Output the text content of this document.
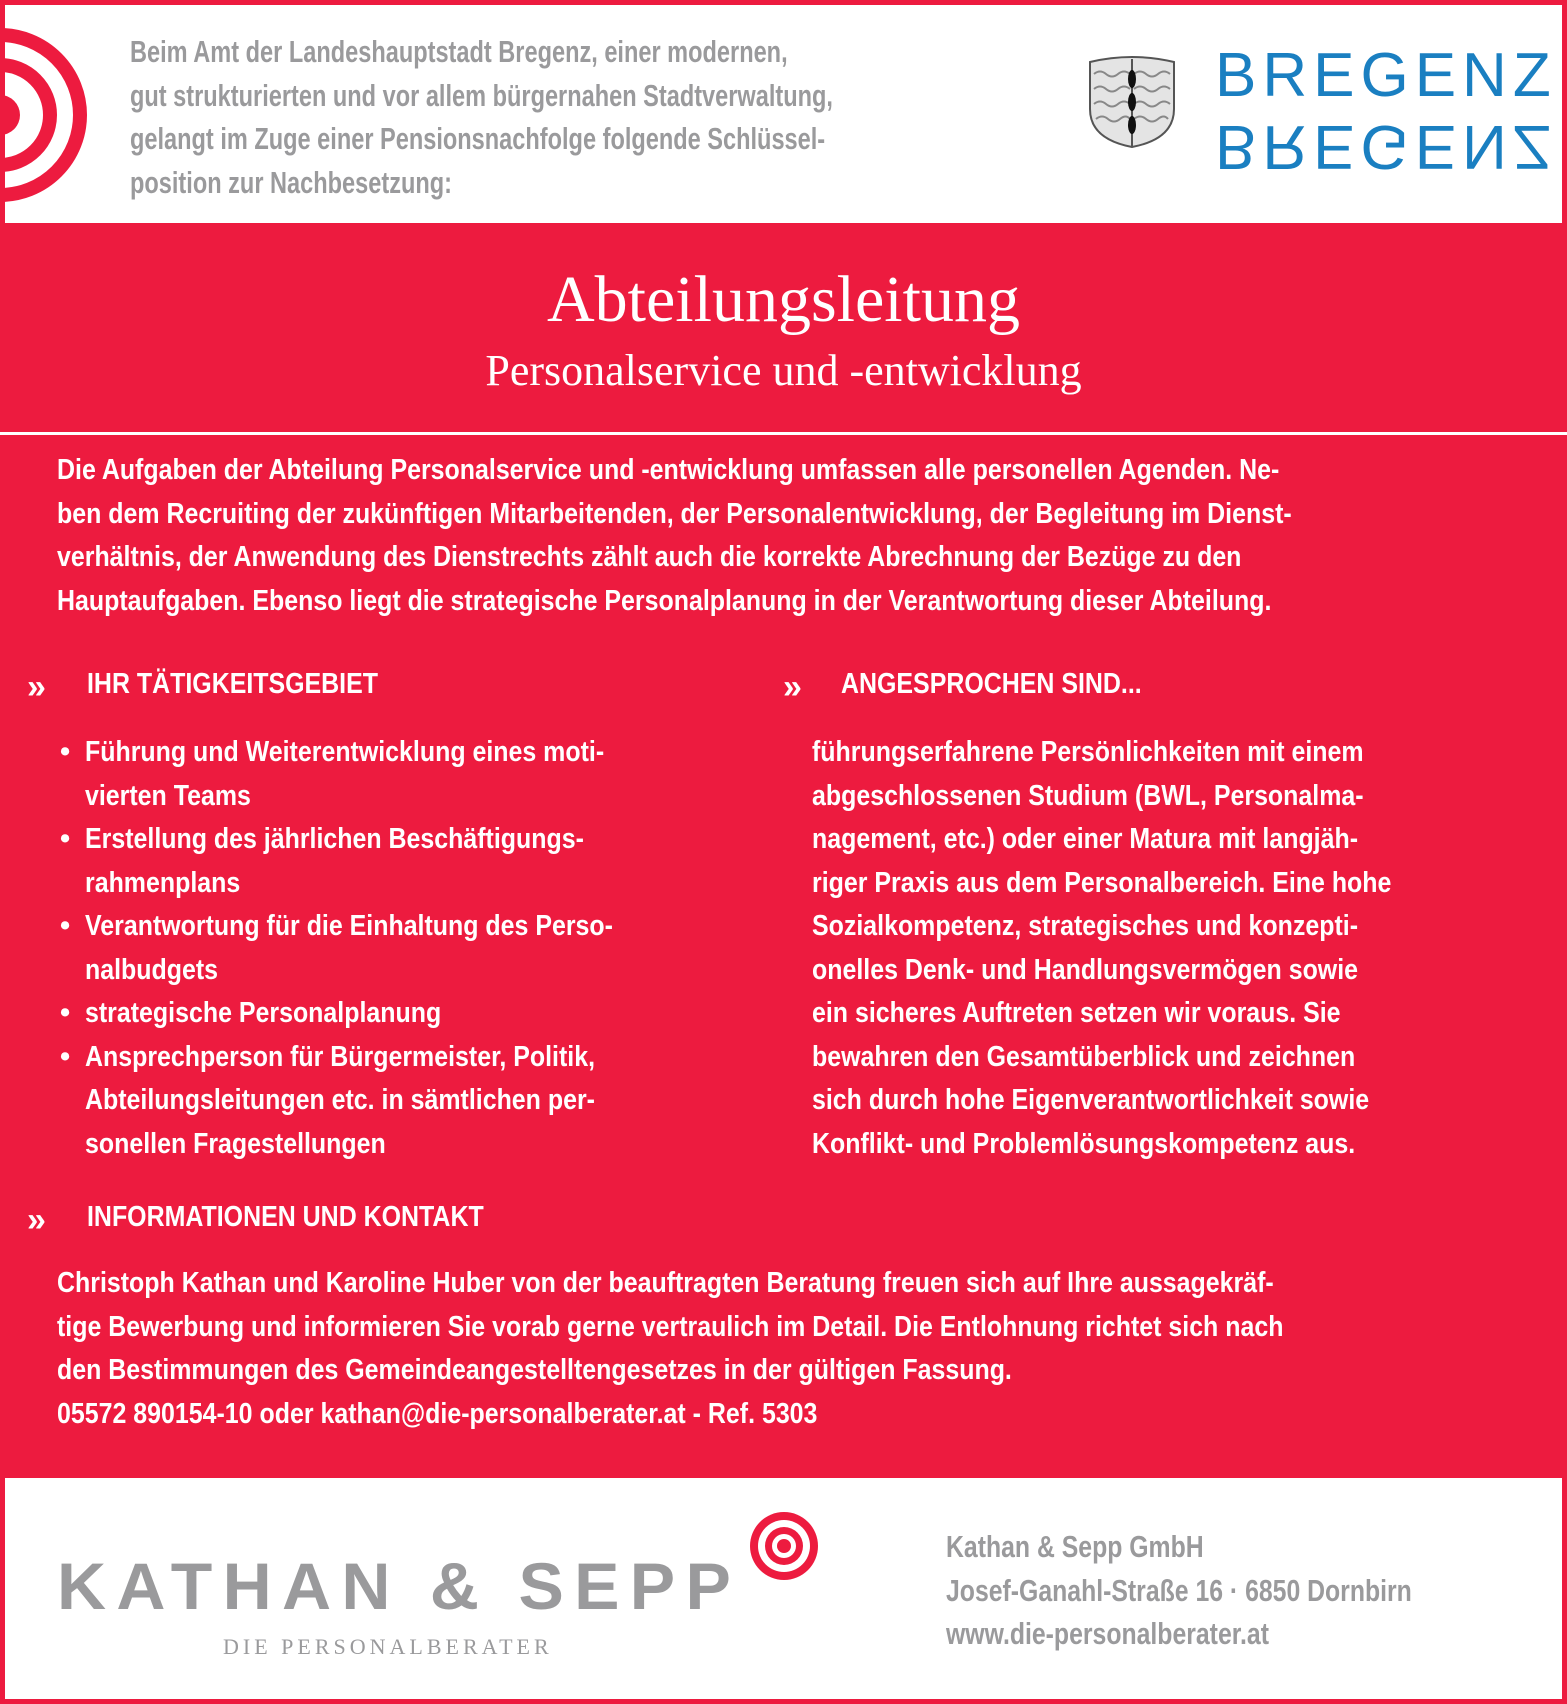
Beim Amt der Landeshauptstadt Bregenz, einer modernen,
gut strukturierten und vor allem bürgernahen Stadtverwaltung,
gelangt im Zuge einer Pensionsnachfolge folgende Schlüssel-
position zur Nachbesetzung:
BREGENZ
BREGENZ
Abteilungsleitung
Personalservice und -entwicklung
Die Aufgaben der Abteilung Personalservice und -entwicklung umfassen alle personellen Agenden. Ne-
ben dem Recruiting der zukünftigen Mitarbeitenden, der Personalentwicklung, der Begleitung im Dienst-
verhältnis, der Anwendung des Dienstrechts zählt auch die korrekte Abrechnung der Bezüge zu den
Hauptaufgaben. Ebenso liegt die strategische Personalplanung in der Verantwortung dieser Abteilung.
» IHR TÄTIGKEITSGEBIET	» ANGESPROCHEN SIND...
• Führung und Weiterentwicklung eines moti-
vierten Teams
• Erstellung des jährlichen Beschäftigungs-
rahmenplans
• Verantwortung für die Einhaltung des Perso-
nalbudgets
• strategische Personalplanung
• Ansprechperson für Bürgermeister, Politik,
Abteilungsleitungen etc. in sämtlichen per-
sonellen Fragestellungen
führungserfahrene Persönlichkeiten mit einem
abgeschlossenen Studium (BWL, Personalma-
nagement, etc.) oder einer Matura mit langjäh-
riger Praxis aus dem Personalbereich. Eine hohe
Sozialkompetenz, strategisches und konzepti-
onelles Denk- und Handlungsvermögen sowie
ein sicheres Auftreten setzen wir voraus. Sie
bewahren den Gesamtüberblick und zeichnen
sich durch hohe Eigenverantwortlichkeit sowie
Konflikt- und Problemlösungskompetenz aus.
» INFORMATIONEN UND KONTAKT
Christoph Kathan und Karoline Huber von der beauftragten Beratung freuen sich auf Ihre aussagekräf-
tige Bewerbung und informieren Sie vorab gerne vertraulich im Detail. Die Entlohnung richtet sich nach
den Bestimmungen des Gemeindeangestelltengesetzes in der gültigen Fassung.
05572 890154-10 oder kathan@die-personalberater.at - Ref. 5303
KATHAN & SEPP
DIE PERSONALBERATER
Kathan & Sepp GmbH
Josef-Ganahl-Straße 16 · 6850 Dornbirn
www.die-personalberater.at
